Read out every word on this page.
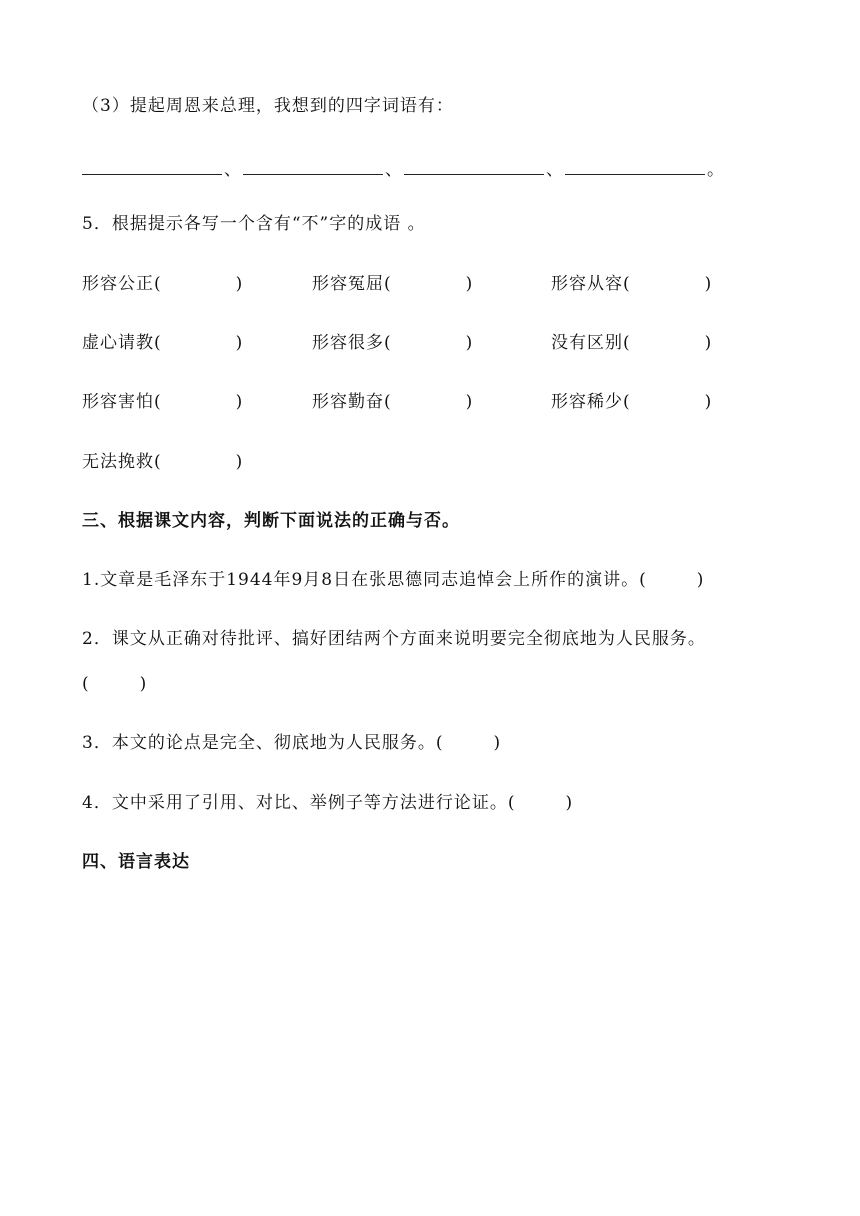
（3）提起周恩来总理，我想到的四字词语有：
、	、	、	。
5．根据提示各写一个含有“不”字的成语 。
形容公正(	)	形容冤屈(	)	形容从容(	)
虚心请教(	)	形容很多(	)	没有区别(	)
形容害怕(	)	形容勤奋(	)	形容稀少(	)
无法挽救(	)
三、根据课文内容，判断下面说法的正确与否。
1.文章是毛泽东于1944年9月8日在张思德同志追悼会上所作的演讲。(	)
2．课文从正确对待批评、搞好团结两个方面来说明要完全彻底地为人民服务。
(	)
3．本文的论点是完全、彻底地为人民服务。(	)
4．文中采用了引用、对比、举例子等方法进行论证。(	)
四、语言表达
